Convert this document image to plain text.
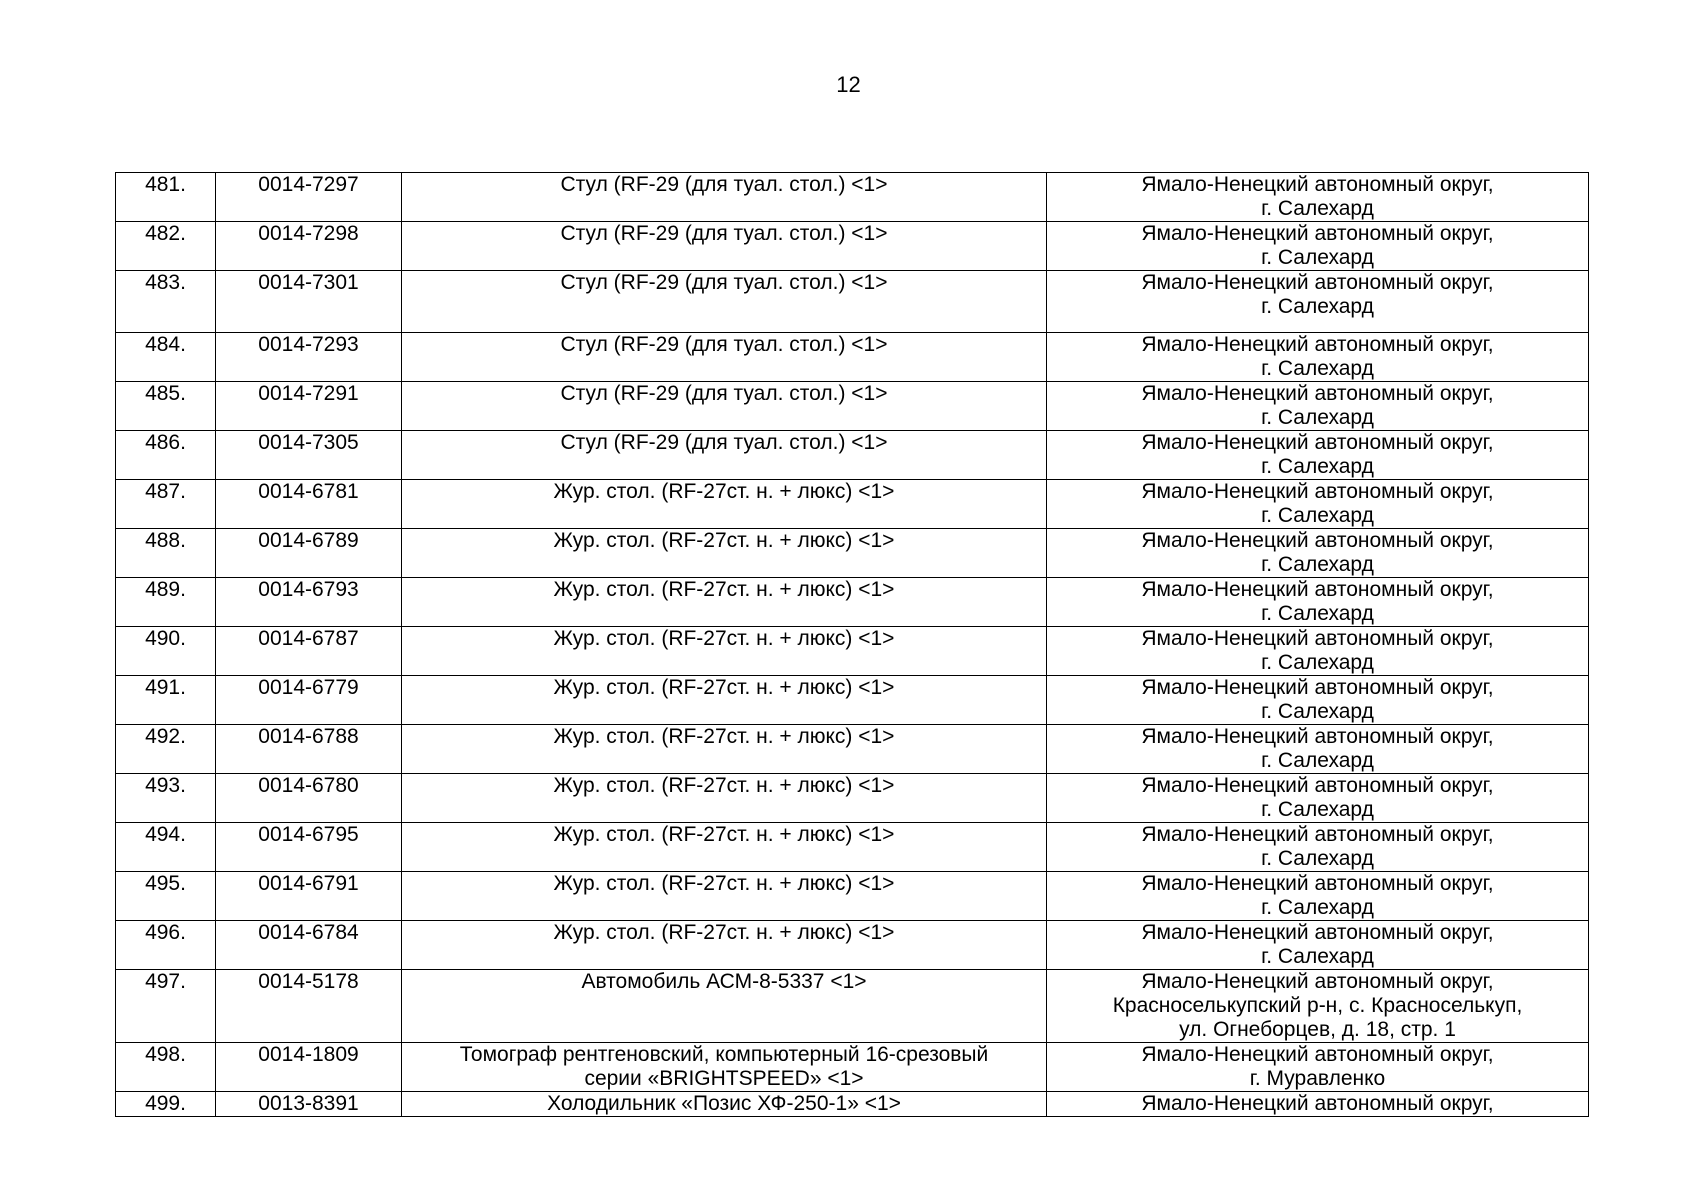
12
481.	0014-7297	Стул (RF-29 (для туал. стол.) <1>	Ямало-Ненецкий автономный округ,
г. Салехард

482.	0014-7298	Стул (RF-29 (для туал. стол.) <1>	Ямало-Ненецкий автономный округ,
г. Салехард

483.	0014-7301	Стул (RF-29 (для туал. стол.) <1>	Ямало-Ненецкий автономный округ,
г. Салехард

484.	0014-7293	Стул (RF-29 (для туал. стол.) <1>	Ямало-Ненецкий автономный округ,
г. Салехард

485.	0014-7291	Стул (RF-29 (для туал. стол.) <1>	Ямало-Ненецкий автономный округ,
г. Салехард

486.	0014-7305	Стул (RF-29 (для туал. стол.) <1>	Ямало-Ненецкий автономный округ,
г. Салехард

487.	0014-6781	Жур. стол. (RF-27ст. н. + люкс) <1>	Ямало-Ненецкий автономный округ,
г. Салехард

488.	0014-6789	Жур. стол. (RF-27ст. н. + люкс) <1>	Ямало-Ненецкий автономный округ,
г. Салехард

489.	0014-6793	Жур. стол. (RF-27ст. н. + люкс) <1>	Ямало-Ненецкий автономный округ,
г. Салехард

490.	0014-6787	Жур. стол. (RF-27ст. н. + люкс) <1>	Ямало-Ненецкий автономный округ,
г. Салехард

491.	0014-6779	Жур. стол. (RF-27ст. н. + люкс) <1>	Ямало-Ненецкий автономный округ,
г. Салехард

492.	0014-6788	Жур. стол. (RF-27ст. н. + люкс) <1>	Ямало-Ненецкий автономный округ,
г. Салехард

493.	0014-6780	Жур. стол. (RF-27ст. н. + люкс) <1>	Ямало-Ненецкий автономный округ,
г. Салехард

494.	0014-6795	Жур. стол. (RF-27ст. н. + люкс) <1>	Ямало-Ненецкий автономный округ,
г. Салехард

495.	0014-6791	Жур. стол. (RF-27ст. н. + люкс) <1>	Ямало-Ненецкий автономный округ,
г. Салехард

496.	0014-6784	Жур. стол. (RF-27ст. н. + люкс) <1>	Ямало-Ненецкий автономный округ,
г. Салехард

497.	0014-5178	Автомобиль АСМ-8-5337 <1>	Ямало-Ненецкий автономный округ,
Красноселькупский р-н, с. Красноселькуп,
ул. Огнеборцев, д. 18, стр. 1

498.	0014-1809	Томограф рентгеновский, компьютерный 16-срезовый
серии «BRIGHTSPEED» <1>	Ямало-Ненецкий автономный округ,
г. Муравленко

499.	0013-8391	Холодильник «Позис ХФ-250-1» <1>	Ямало-Ненецкий автономный округ,
